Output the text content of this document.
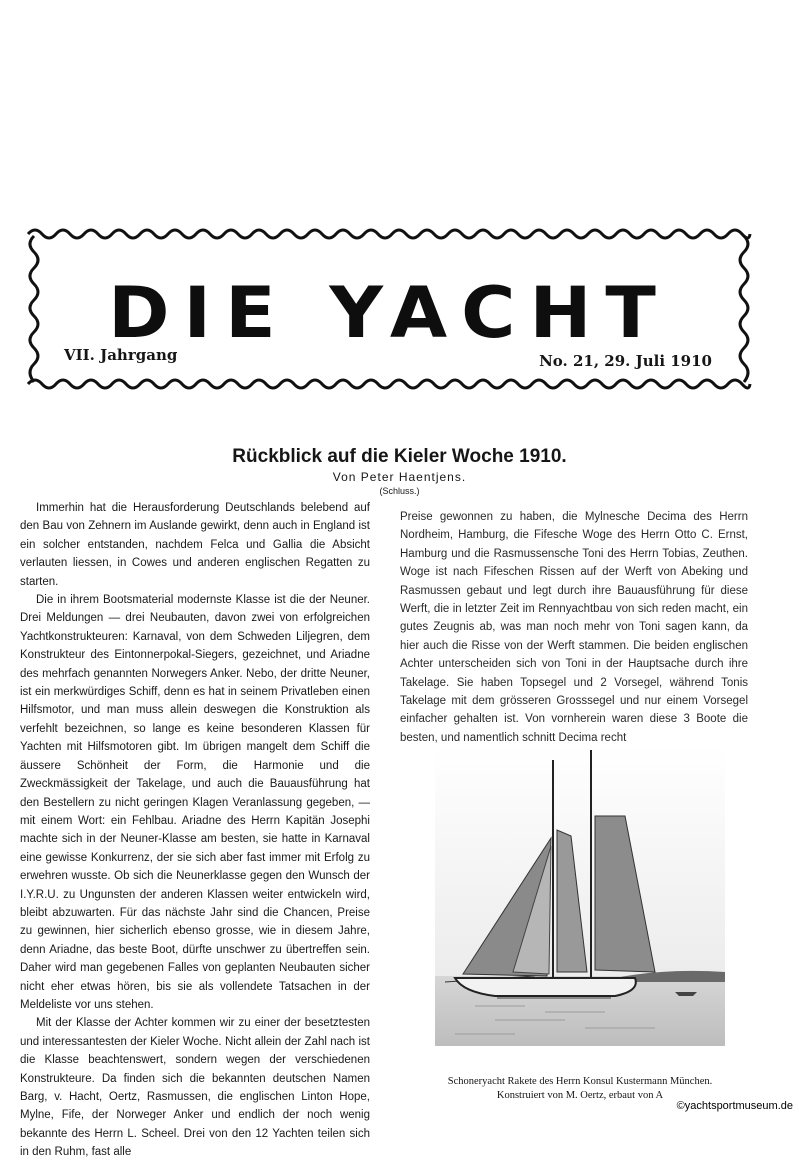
DIE YACHT
VII. Jahrgang	No. 21, 29. Juli 1910
Rückblick auf die Kieler Woche 1910.
Von Peter Haentjens.
(Schluss.)

Immerhin hat die Herausforderung Deutschlands belebend auf den Bau von Zehnern im Auslande gewirkt, denn auch in England ist ein solcher entstanden, nachdem Felca und Gallia die Absicht verlauten liessen, in Cowes und anderen englischen Regatten zu starten.

Die in ihrem Bootsmaterial modernste Klasse ist die der Neuner. Drei Meldungen — drei Neubauten, davon zwei von erfolgreichen Yachtkonstrukteuren: Karnaval, von dem Schweden Liljegren, dem Konstrukteur des Eintonnerpokal-Siegers, gezeichnet, und Ariadne des mehrfach genannten Norwegers Anker. Nebo, der dritte Neuner, ist ein merkwürdiges Schiff, denn es hat in seinem Privatleben einen Hilfsmotor, und man muss allein deswegen die Konstruktion als verfehlt bezeichnen, so lange es keine besonderen Klassen für Yachten mit Hilfsmotoren gibt. Im übrigen mangelt dem Schiff die äussere Schönheit der Form, die Harmonie und die Zweckmässigkeit der Takelage, und auch die Bauausführung hat den Bestellern zu nicht geringen Klagen Veranlassung gegeben, — mit einem Wort: ein Fehlbau. Ariadne des Herrn Kapitän Josephi machte sich in der Neuner-Klasse am besten, sie hatte in Karnaval eine gewisse Konkurrenz, der sie sich aber fast immer mit Erfolg zu erwehren wusste. Ob sich die Neunerklasse gegen den Wunsch der I.Y.R.U. zu Ungunsten der anderen Klassen weiter entwickeln wird, bleibt abzuwarten. Für das nächste Jahr sind die Chancen, Preise zu gewinnen, hier sicherlich ebenso grosse, wie in diesem Jahre, denn Ariadne, das beste Boot, dürfte unschwer zu übertreffen sein. Daher wird man gegebenen Falles von geplanten Neubauten sicher nicht eher etwas hören, bis sie als vollendete Tatsachen in der Meldeliste vor uns stehen.

Mit der Klasse der Achter kommen wir zu einer der besetztesten und interessantesten der Kieler Woche. Nicht allein der Zahl nach ist die Klasse beachtenswert, sondern wegen der verschiedenen Konstrukteure. Da finden sich die bekannten deutschen Namen Barg, v. Hacht, Oertz, Rasmussen, die englischen Linton Hope, Mylne, Fife, der Norweger Anker und endlich der noch wenig bekannte des Herrn L. Scheel. Drei von den 12 Yachten teilen sich in den Ruhm, fast alle

Preise gewonnen zu haben, die Mylnesche Decima des Herrn Nordheim, Hamburg, die Fifesche Woge des Herrn Otto C. Ernst, Hamburg und die Rasmussensche Toni des Herrn Tobias, Zeuthen. Woge ist nach Fifeschen Rissen auf der Werft von Abeking und Rasmussen gebaut und legt durch ihre Bauausführung für diese Werft, die in letzter Zeit im Rennyachtbau von sich reden macht, ein gutes Zeugnis ab, was man noch mehr von Toni sagen kann, da hier auch die Risse von der Werft stammen. Die beiden englischen Achter unterscheiden sich von Toni in der Hauptsache durch ihre Takelage. Sie haben Topsegel und 2 Vorsegel, während Tonis Takelage mit dem grösseren Grosssegel und nur einem Vorsegel einfacher gehalten ist. Von vornherein waren diese 3 Boote die besten, und namentlich schnitt Decima recht

Schoneryacht Rakete des Herrn Konsul Kustermann München.
Konstruiert von M. Oertz, erbaut von A
©yachtsportmuseum.de
